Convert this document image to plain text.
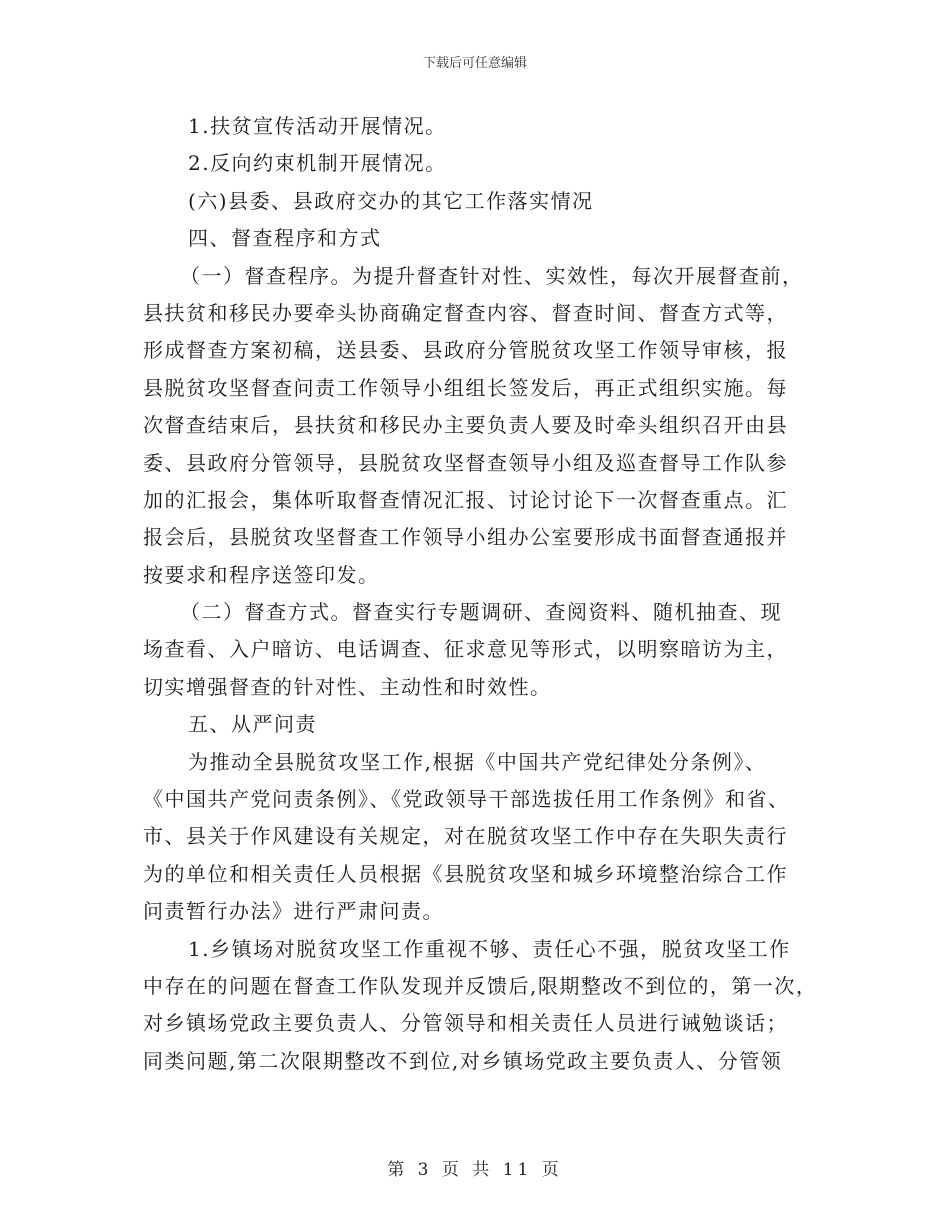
下载后可任意编辑
1.扶贫宣传活动开展情况。
2.反向约束机制开展情况。
(六)县委、县政府交办的其它工作落实情况
四、督查程序和方式
（一）督查程序。为提升督查针对性、实效性，每次开展督查前，
县扶贫和移民办要牵头协商确定督查内容、督查时间、督查方式等，
形成督查方案初稿，送县委、县政府分管脱贫攻坚工作领导审核，报
县脱贫攻坚督查问责工作领导小组组长签发后，再正式组织实施。每
次督查结束后，县扶贫和移民办主要负责人要及时牵头组织召开由县
委、县政府分管领导，县脱贫攻坚督查领导小组及巡查督导工作队参
加的汇报会，集体听取督查情况汇报、讨论讨论下一次督查重点。汇
报会后，县脱贫攻坚督查工作领导小组办公室要形成书面督查通报并
按要求和程序送签印发。
（二）督查方式。督查实行专题调研、查阅资料、随机抽查、现
场查看、入户暗访、电话调查、征求意见等形式，以明察暗访为主，
切实增强督查的针对性、主动性和时效性。
五、从严问责
为推动全县脱贫攻坚工作,根据《中国共产党纪律处分条例》、
《中国共产党问责条例》、《党政领导干部选拔任用工作条例》和省、
市、县关于作风建设有关规定，对在脱贫攻坚工作中存在失职失责行
为的单位和相关责任人员根据《县脱贫攻坚和城乡环境整治综合工作
问责暂行办法》进行严肃问责。
1.乡镇场对脱贫攻坚工作重视不够、责任心不强，脱贫攻坚工作
中存在的问题在督查工作队发现并反馈后,限期整改不到位的，第一次，
对乡镇场党政主要负责人、分管领导和相关责任人员进行诫勉谈话；
同类问题,第二次限期整改不到位,对乡镇场党政主要负责人、分管领
第 3 页 共 11 页
